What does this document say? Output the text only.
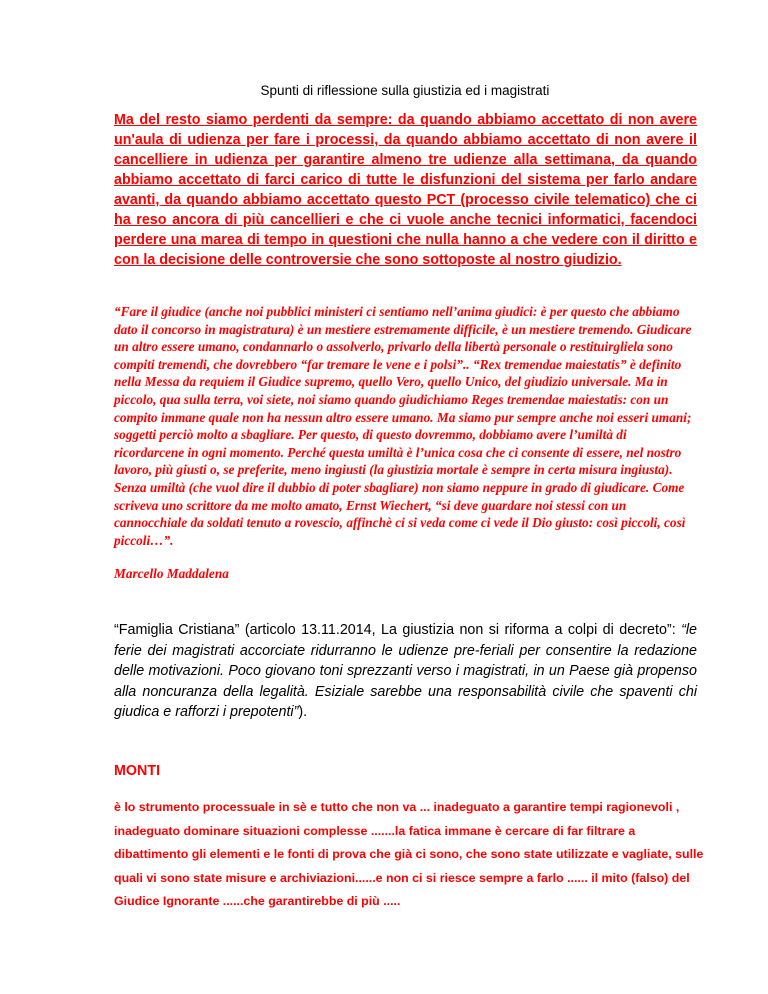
Spunti di riflessione sulla giustizia ed i magistrati

Ma del resto siamo perdenti da sempre: da quando abbiamo accettato di non avere un'aula di udienza per fare i processi, da quando abbiamo accettato di non avere il cancelliere in udienza per garantire almeno tre udienze alla settimana, da quando abbiamo accettato di farci carico di tutte le disfunzioni del sistema per farlo andare avanti, da quando abbiamo accettato questo PCT (processo civile telematico) che ci ha reso ancora di più cancellieri e che ci vuole anche tecnici informatici, facendoci perdere una marea di tempo in questioni che nulla hanno a che vedere con il diritto e con la decisione delle controversie che sono sottoposte al nostro giudizio.

“Fare il giudice (anche noi pubblici ministeri ci sentiamo nell’anima giudici: è per questo che abbiamo dato il concorso in magistratura) è un mestiere estremamente difficile, è un mestiere tremendo. Giudicare un altro essere umano, condannarlo o assolverlo, privarlo della libertà personale o restituirgliela sono compiti tremendi, che dovrebbero “far tremare le vene e i polsi”.. “Rex tremendae maiestatis” è definito nella Messa da requiem il Giudice supremo, quello Vero, quello Unico, del giudizio universale. Ma in piccolo, qua sulla terra, voi siete, noi siamo quando giudichiamo Reges tremendae maiestatis: con un compito immane quale non ha nessun altro essere umano. Ma siamo pur sempre anche noi esseri umani; soggetti perciò molto a sbagliare. Per questo, di questo dovremmo, dobbiamo avere l’umiltà di ricordarcene in ogni momento. Perché questa umiltà è l’unica cosa che ci consente di essere, nel nostro lavoro, più giusti o, se preferite, meno ingiusti (la giustizia mortale è sempre in certa misura ingiusta). Senza umiltà (che vuol dire il dubbio di poter sbagliare) non siamo neppure in grado di giudicare. Come scriveva uno scrittore da me molto amato, Ernst Wiechert, “si deve guardare noi stessi con un cannocchiale da soldati tenuto a rovescio, affinchè ci si veda come ci vede il Dio giusto: così piccoli, così piccoli…”.

Marcello Maddalena

“Famiglia Cristiana” (articolo 13.11.2014, La giustizia non si riforma a colpi di decreto”: “le ferie dei magistrati accorciate ridurranno le udienze pre-feriali per consentire la redazione delle motivazioni. Poco giovano toni sprezzanti verso i magistrati, in un Paese già propenso alla noncuranza della legalità. Esiziale sarebbe una responsabilità civile che spaventi chi giudica e rafforzi i prepotenti”).

MONTI

è lo strumento processuale in sè e tutto che non va ... inadeguato a garantire tempi ragionevoli , inadeguato dominare situazioni complesse .......la fatica immane è cercare di far filtrare a dibattimento gli elementi e le fonti di prova che già ci sono, che sono state utilizzate e vagliate, sulle quali vi sono state misure e archiviazioni......e non ci si riesce sempre a farlo ...... il mito (falso) del Giudice Ignorante ......che garantirebbe di più .....
